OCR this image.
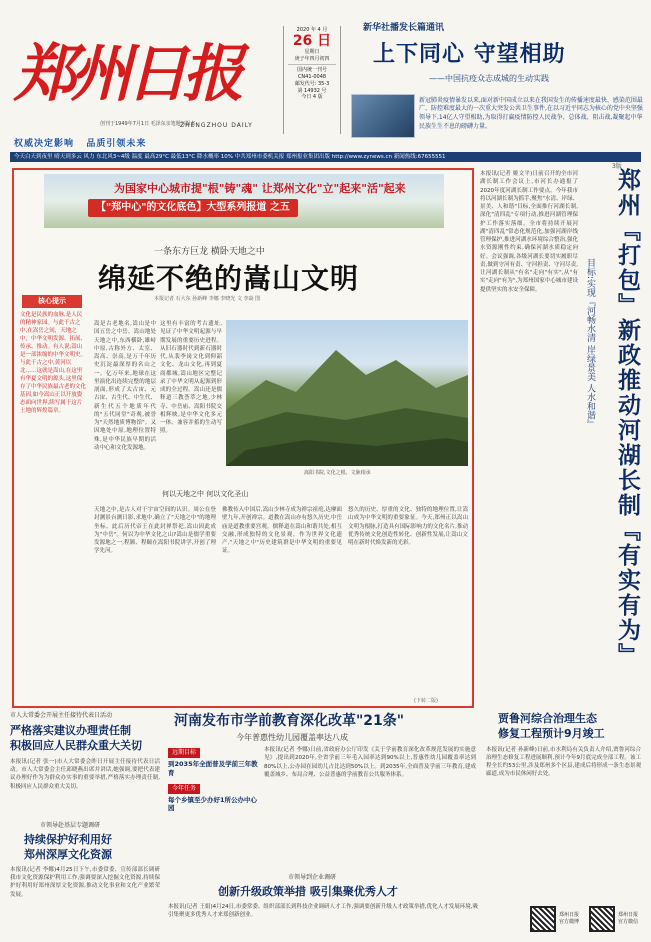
郑州日报
ZHENGZHOU DAILY
创刊于1949年7月1日 毛泽东亲笔题写报名
权威决定影响 品质引领未来
2020 年 4 月
26 日
星期日
庚子年四月初四
国内统一刊号
CN41-0048
邮发代号: 35-3
第 14932 号
今日 4 版
新华社播发长篇通讯
上下同心 守望相助
——中国抗疫众志成城的生动实践
新冠肺炎疫情暴发以来,面对新中国成立以来在我国发生的传播速度最快、感染范围最广、防控难度最大的一次重大突发公共卫生事件,在以习近平同志为核心的党中央坚强领导下,14亿人守望相助,为取得打赢疫情防控人民战争、总体战、阻击战,凝聚起中华民族生生不息的磅礴力量。
今天白天到夜里 晴天到多云 风力 东北风3~4级 温度 最高29°C 最低13°C 降水概率 10% 中共郑州市委机关报 郑州报业集团出版 http://www.zynews.cn 新闻热线:67655551
3版
为国家中心城市提"根"铸"魂" 让郑州文化"立"起来"活"起来
【"郑中心"的文化底色】大型系列报道 之五
一条东方巨龙 横卧天地之中
绵延不绝的嵩山文明
本报记者 石大东 孙新峰 李娜 李晓光 文 李焱 图
核心提示
文化是民族的血脉,是人民的精神家园。与此千古之中,在嵩岳之间，天地之中，中华文明发源、拓展、传承、推动。有人说,嵩山是一部浓缩的中华文明史。与此千古之中,黄河以北……这就是嵩山,在这里有华夏文明的源头,这里保存了中华民族最古老的文化基因,如今嵩山正以开放姿态面向世界,续写属于这片土地的辉煌篇章。
嵩是古老地名,嵩山是中国五岳之中岳。嵩山地处天地之中,东西横卧,雄峙中原,古称外方、太室、嵩高、崇高,是万千年历史沉淀最深厚的名山之一。亿万年来,地球在这里演化出连续完整的地层剖面,形成了太古宙、元古宙、古生代、中生代、新生代五个地质年代的"五代同堂"奇观,被誉为"天然地质博物馆"。又因地处中原,地理位置特殊,是中华民族早期的活动中心和文化发源地。
这里有丰富的考古遗址,见证了中华文明起源与早期发展的重要历史进程。从旧石器时代到新石器时代,从裴李岗文化到仰韶文化、龙山文化,再到夏商都城,嵩山地区完整记录了中华文明从起源到形成的全过程。嵩山还是儒释道三教荟萃之地,少林寺、中岳庙、嵩阳书院交相辉映,是中华文化多元一体、兼容并蓄的生动写照。
嵩阳书院,文化之根、文脉相承
何以天地之中 何以文化圣山
天地之中,是古人对于宇宙空间的认识。周公在登封测景台测日影,求地中,确立了"天地之中"的地理坐标。此后历代帝王在此封禅祭祀,嵩山因此成为"中岳"。何以为中华文化之山?嵩山是儒学重要发源地之一,程颢、程颐在嵩阳书院讲学,开创了理学先河。
佛教传入中国后,嵩山少林寺成为禅宗祖庭,达摩面壁九年,开创禅宗。道教在嵩山亦有悠久历史,中岳庙是道教重要宫观。儒释道在嵩山和谐共处,相互交融,形成独特的文化景观。作为世界文化遗产,"天地之中"历史建筑群是中华文明的重要见证。
悠久的历史、厚重的文化、独特的地理位置,让嵩山成为中华文明的重要象征。今天,郑州正以嵩山文明为根脉,打造具有国际影响力的文化名片,推动优秀传统文化创造性转化、创新性发展,让嵩山文明在新时代焕发新的光彩。
(下转二版)
郑州『打包』新政推动河湖长制『有实有为』
目标:实现『河畅水清 岸绿景美 人水和谐』
本报讯(记者 姬文平)日前召开的全市河湖长制工作会议上,市河长办通报了2020年度河湖长制工作要点。今年我市将以河湖长制为抓手,聚焦"水清、岸绿、景美、人和谐"目标,全面推行河湖长制,深化"清四乱"专项行动,推进河湖管理保护工作落实落细。全市将持续开展河湖"清四乱"常态化规范化,加强河湖岸线管理保护,推进河湖水环境综合整治,强化水资源刚性约束,确保河湖水质稳定向好。会议强调,各级河湖长要切实履职尽责,做到守河有责、守河担责、守河尽责,让河湖长制从"有名"走向"有实",从"有实"走向"有为",为郑州国家中心城市建设提供坚实的水安全保障。
市人大常委会开展主任接待代表日活动
严格落实建议办理责任制
积极回应人民群众重大关切
本报讯(记者 张一)市人大常委会昨日开展主任接待代表日活动。市人大常委会主任邱晓燕出席并讲话,她强调,要把代表建议办理好作为为群众办实事的重要举措,严格落实办理责任制,积极回应人民群众重大关切。
市领导赴基层专题调研
持续保护好利用好
郑州深厚文化资源
本报讯(记者 李娜)4月25日下午,市委常委、宣传部部长调研我市文化资源保护利用工作,强调要深入挖掘文化资源,持续保护好利用好郑州深厚文化资源,推动文化事业和文化产业繁荣发展。
河南发布市学前教育深化改革"21条"
今年普惠性幼儿园覆盖率达八成
远期目标
到2035年全面普及学前三年教育
今年任务
每个乡镇至少办好1所公办中心园
本报讯(记者 李娜)日前,省政府办公厅印发《关于学前教育深化改革规范发展的实施意见》,提出到2020年,全省学前三年毛入园率达到90%以上,普惠性幼儿园覆盖率达到80%以上,公办园在园幼儿占比达到50%以上。到2035年,全面普及学前三年教育,建成覆盖城乡、布局合理、公益普惠的学前教育公共服务体系。
市领导到企业调研
创新升级政策举措 吸引集聚优秀人才
本报讯(记者 王娟)4月24日,市委常委、组织部部长到科技企业调研人才工作,强调要创新升级人才政策举措,优化人才发展环境,吸引集聚更多优秀人才来郑创新创业。
贾鲁河综合治理生态
修复工程预计9月竣工
本报讯(记者 孙新峰)日前,市水利局有关负责人介绍,贾鲁河综合治理生态修复工程进展顺利,预计今年9月底完成全部工程。该工程全长约53公里,涉及郑州多个区县,建成后将形成一条生态景观廊道,成为市民休闲好去处。
郑州日报官方微博
郑州日报官方微信
